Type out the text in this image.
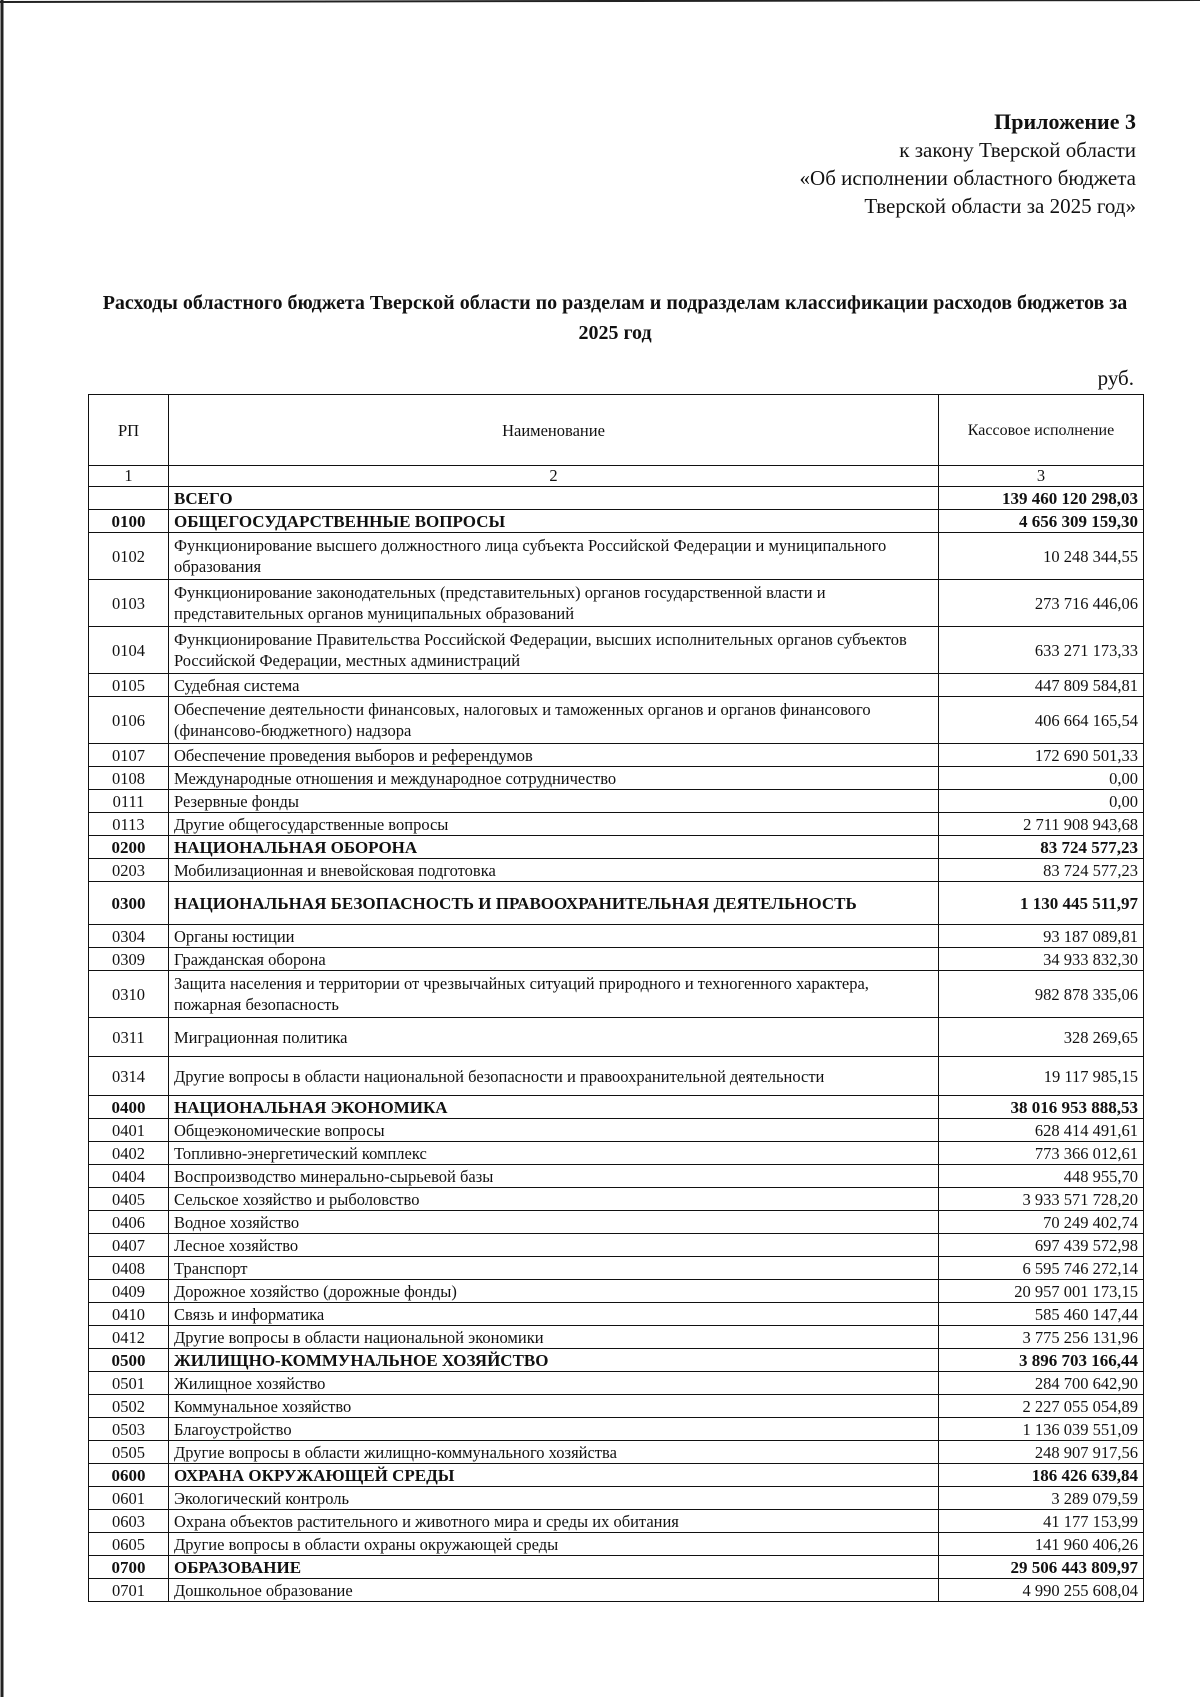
Приложение 3
к закону Тверской области
«Об исполнении областного бюджета
Тверской области за 2025 год»
Расходы областного бюджета Тверской области по разделам и подразделам классификации расходов бюджетов за 2025 год
руб.
РП	Наименование	Кассовое исполнение
1	2	3
	ВСЕГО	139 460 120 298,03
0100	ОБЩЕГОСУДАРСТВЕННЫЕ ВОПРОСЫ	4 656 309 159,30
0102	Функционирование высшего должностного лица субъекта Российской Федерации и муниципального образования	10 248 344,55
0103	Функционирование законодательных (представительных) органов государственной власти и представительных органов муниципальных образований	273 716 446,06
0104	Функционирование Правительства Российской Федерации, высших исполнительных органов субъектов Российской Федерации, местных администраций	633 271 173,33
0105	Судебная система	447 809 584,81
0106	Обеспечение деятельности финансовых, налоговых и таможенных органов и органов финансового (финансово-бюджетного) надзора	406 664 165,54
0107	Обеспечение проведения выборов и референдумов	172 690 501,33
0108	Международные отношения и международное сотрудничество	0,00
0111	Резервные фонды	0,00
0113	Другие общегосударственные вопросы	2 711 908 943,68
0200	НАЦИОНАЛЬНАЯ ОБОРОНА	83 724 577,23
0203	Мобилизационная и вневойсковая подготовка	83 724 577,23
0300	НАЦИОНАЛЬНАЯ БЕЗОПАСНОСТЬ И ПРАВООХРАНИТЕЛЬНАЯ ДЕЯТЕЛЬНОСТЬ	1 130 445 511,97
0304	Органы юстиции	93 187 089,81
0309	Гражданская оборона	34 933 832,30
0310	Защита населения и территории от чрезвычайных ситуаций природного и техногенного характера, пожарная безопасность	982 878 335,06
0311	Миграционная политика	328 269,65
0314	Другие вопросы в области национальной безопасности и правоохранительной деятельности	19 117 985,15
0400	НАЦИОНАЛЬНАЯ ЭКОНОМИКА	38 016 953 888,53
0401	Общеэкономические вопросы	628 414 491,61
0402	Топливно-энергетический комплекс	773 366 012,61
0404	Воспроизводство минерально-сырьевой базы	448 955,70
0405	Сельское хозяйство и рыболовство	3 933 571 728,20
0406	Водное хозяйство	70 249 402,74
0407	Лесное хозяйство	697 439 572,98
0408	Транспорт	6 595 746 272,14
0409	Дорожное хозяйство (дорожные фонды)	20 957 001 173,15
0410	Связь и информатика	585 460 147,44
0412	Другие вопросы в области национальной экономики	3 775 256 131,96
0500	ЖИЛИЩНО-КОММУНАЛЬНОЕ ХОЗЯЙСТВО	3 896 703 166,44
0501	Жилищное хозяйство	284 700 642,90
0502	Коммунальное хозяйство	2 227 055 054,89
0503	Благоустройство	1 136 039 551,09
0505	Другие вопросы в области жилищно-коммунального хозяйства	248 907 917,56
0600	ОХРАНА ОКРУЖАЮЩЕЙ СРЕДЫ	186 426 639,84
0601	Экологический контроль	3 289 079,59
0603	Охрана объектов растительного и животного мира и среды их обитания	41 177 153,99
0605	Другие вопросы в области охраны окружающей среды	141 960 406,26
0700	ОБРАЗОВАНИЕ	29 506 443 809,97
0701	Дошкольное образование	4 990 255 608,04
